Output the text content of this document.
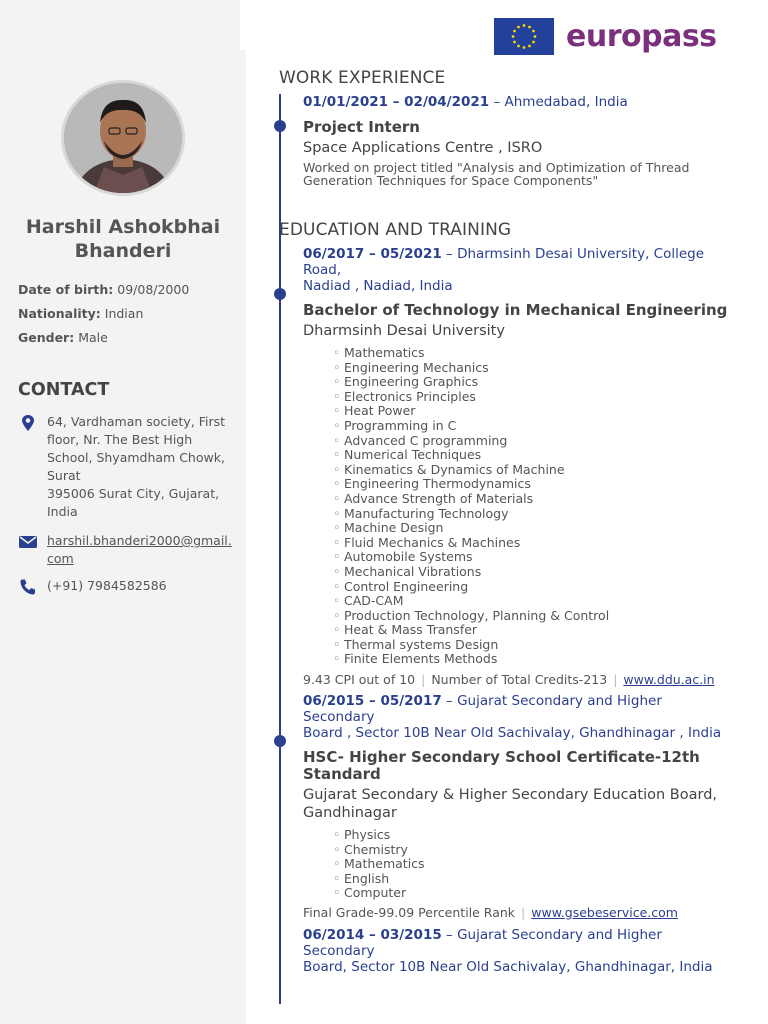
Harshil Ashokbhai
Bhanderi
Date of birth: 09/08/2000
Nationality: Indian
Gender: Male
CONTACT
64, Vardhaman society, First
floor, Nr. The Best High
School, Shyamdham Chowk,
Surat
395006 Surat City, Gujarat,
India
harshil.bhanderi2000@gmail.
com
(+91) 7984582586
europass
WORK EXPERIENCE
01/01/2021 – 02/04/2021 – Ahmedabad, India
Project Intern
Space Applications Centre , ISRO
Worked on project titled "Analysis and Optimization of Thread
Generation Techniques for Space Components"
EDUCATION AND TRAINING
06/2017 – 05/2021 – Dharmsinh Desai University, College Road,
Nadiad , Nadiad, India
Bachelor of Technology in Mechanical Engineering
Dharmsinh Desai University
◦ Mathematics
◦ Engineering Mechanics
◦ Engineering Graphics
◦ Electronics Principles
◦ Heat Power
◦ Programming in C
◦ Advanced C programming
◦ Numerical Techniques
◦ Kinematics & Dynamics of Machine
◦ Engineering Thermodynamics
◦ Advance Strength of Materials
◦ Manufacturing Technology
◦ Machine Design
◦ Fluid Mechanics & Machines
◦ Automobile Systems
◦ Mechanical Vibrations
◦ Control Engineering
◦ CAD-CAM
◦ Production Technology, Planning & Control
◦ Heat & Mass Transfer
◦ Thermal systems Design
◦ Finite Elements Methods
9.43 CPI out of 10 | Number of Total Credits-213 | www.ddu.ac.in
06/2015 – 05/2017 – Gujarat Secondary and Higher Secondary
Board , Sector 10B Near Old Sachivalay, Ghandhinagar , India
HSC- Higher Secondary School Certificate-12th
Standard
Gujarat Secondary & Higher Secondary Education Board,
Gandhinagar
◦ Physics
◦ Chemistry
◦ Mathematics
◦ English
◦ Computer
Final Grade-99.09 Percentile Rank | www.gsebeservice.com
06/2014 – 03/2015 – Gujarat Secondary and Higher Secondary
Board, Sector 10B Near Old Sachivalay, Ghandhinagar, India
